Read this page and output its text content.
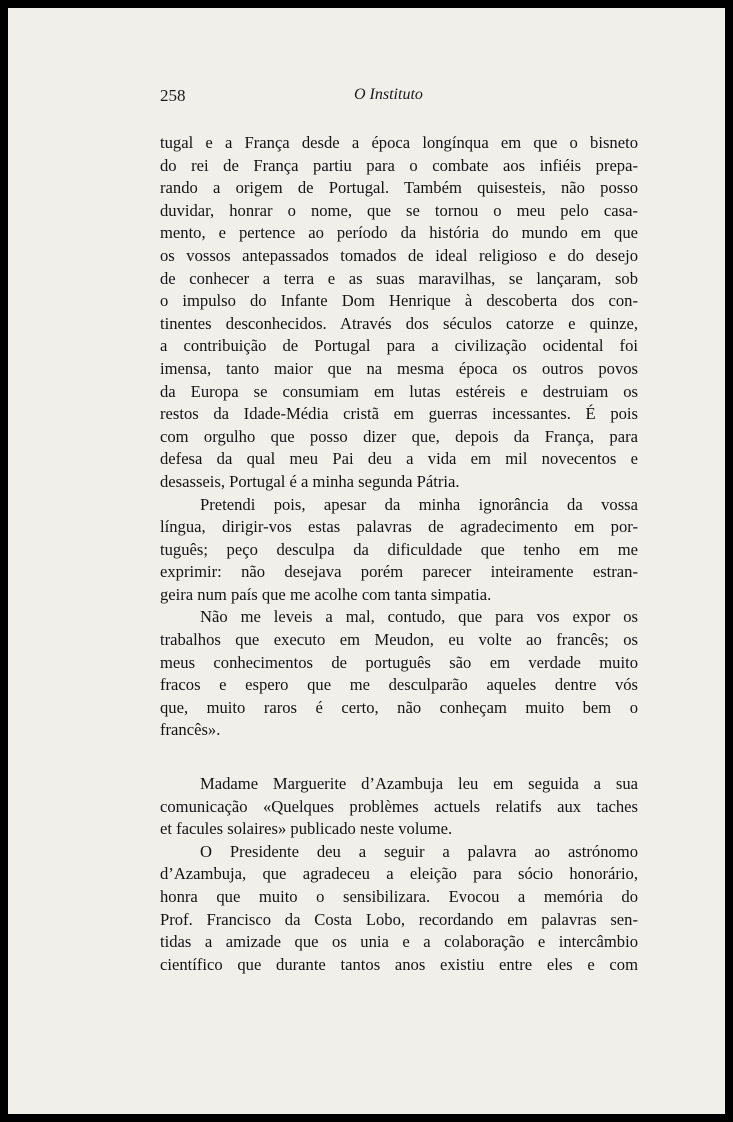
258	O Instituto
tugal e a França desde a época longínqua em que o bisneto
do rei de França partiu para o combate aos infiéis prepa-
rando a origem de Portugal. Também quisesteis, não posso
duvidar, honrar o nome, que se tornou o meu pelo casa-
mento, e pertence ao período da história do mundo em que
os vossos antepassados tomados de ideal religioso e do desejo
de conhecer a terra e as suas maravilhas, se lançaram, sob
o impulso do Infante Dom Henrique à descoberta dos con-
tinentes desconhecidos. Através dos séculos catorze e quinze,
a contribuição de Portugal para a civilização ocidental foi
imensa, tanto maior que na mesma época os outros povos
da Europa se consumiam em lutas estéreis e destruiam os
restos da Idade-Média cristã em guerras incessantes. É pois
com orgulho que posso dizer que, depois da França, para
defesa da qual meu Pai deu a vida em mil novecentos e
desasseis, Portugal é a minha segunda Pátria.
Pretendi pois, apesar da minha ignorância da vossa
língua, dirigir-vos estas palavras de agradecimento em por-
tuguês; peço desculpa da dificuldade que tenho em me
exprimir: não desejava porém parecer inteiramente estran-
geira num país que me acolhe com tanta simpatia.
Não me leveis a mal, contudo, que para vos expor os
trabalhos que executo em Meudon, eu volte ao francês; os
meus conhecimentos de português são em verdade muito
fracos e espero que me desculparão aqueles dentre vós
que, muito raros é certo, não conheçam muito bem o
francês».
Madame Marguerite d’Azambuja leu em seguida a sua
comunicação «Quelques problèmes actuels relatifs aux taches
et facules solaires» publicado neste volume.
O Presidente deu a seguir a palavra ao astrónomo
d’Azambuja, que agradeceu a eleição para sócio honorário,
honra que muito o sensibilizara. Evocou a memória do
Prof. Francisco da Costa Lobo, recordando em palavras sen-
tidas a amizade que os unia e a colaboração e intercâmbio
científico que durante tantos anos existiu entre eles e com
